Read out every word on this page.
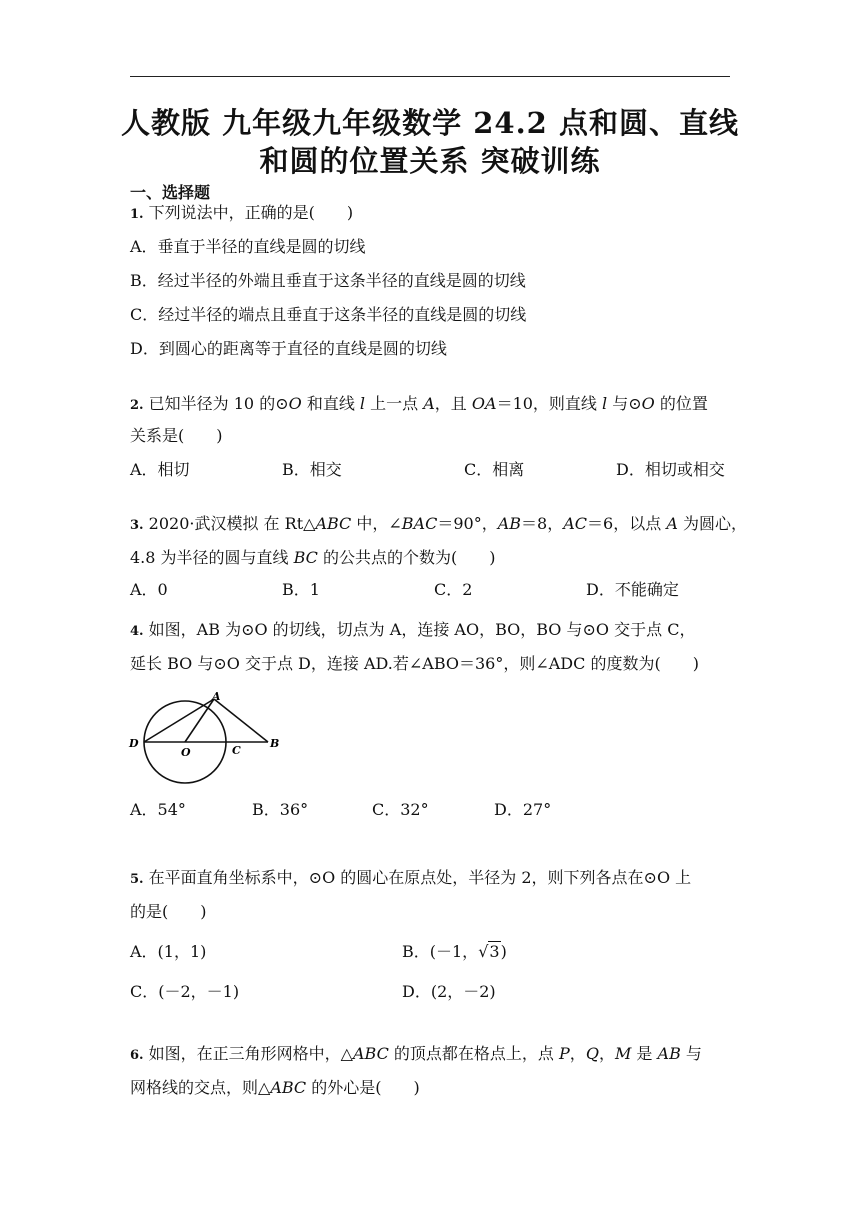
人教版 九年级九年级数学 24.2 点和圆、直线
和圆的位置关系 突破训练
一、选择题
1. 下列说法中，正确的是(　　)
A．垂直于半径的直线是圆的切线
B．经过半径的外端且垂直于这条半径的直线是圆的切线
C．经过半径的端点且垂直于这条半径的直线是圆的切线
D．到圆心的距离等于直径的直线是圆的切线
2. 已知半径为 10 的⊙O 和直线 l 上一点 A，且 OA＝10，则直线 l 与⊙O 的位置
关系是(　　)
A．相切	B．相交	C．相离	D．相切或相交
3. 2020·武汉模拟 在 Rt△ABC 中，∠BAC＝90°，AB＝8，AC＝6，以点 A 为圆心，
4.8 为半径的圆与直线 BC 的公共点的个数为(　　)
A．0	B．1	C．2	D．不能确定
4. 如图，AB 为⊙O 的切线，切点为 A，连接 AO，BO，BO 与⊙O 交于点 C，
延长 BO 与⊙O 交于点 D，连接 AD.若∠ABO＝36°，则∠ADC 的度数为(　　)
A
D
O	C
B
A．54°	B．36°	C．32°	D．27°
5. 在平面直角坐标系中，⊙O 的圆心在原点处，半径为 2，则下列各点在⊙O 上
的是(　　)
A．(1，1)	B．(－1，√3)
C．(－2，－1)	D．(2，－2)
6. 如图，在正三角形网格中，△ABC 的顶点都在格点上，点 P，Q，M 是 AB 与
网格线的交点，则△ABC 的外心是(　　)
